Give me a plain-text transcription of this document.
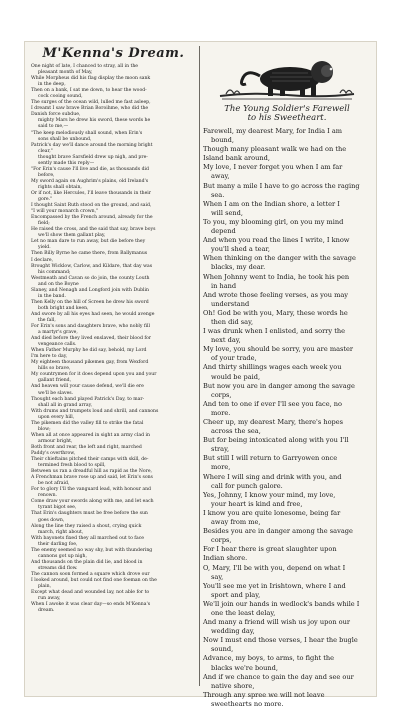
M'Kenna's Dream.
One night of late, I chanced to stray, all in the
pleasant month of May,
While Morpheus did his flag display the moon sank
in the deep,
Then on a bank, I sat me down, to hear the wood-
cock cooing sound,
The surges of the ocean wild, lulled me fast asleep,
I dreamt I saw brave Brian Boroihme, who did the
Danish force subdue,
mighty Mars he drew his sword, these words he
said to me,—
"The keep melodiously shall sound, when Erin's
sons shall be unbound,
Patrick's day we'll dance around the morning bright
clear,"
thought brave Sarsfield drew up nigh, and pre-
sently made this reply—
"For Erin's cause I'll live and die, as thousands did
before,
My sword again on Aughrim's plains, old Ireland's
rights shall obtain,
Or if not, like Hercules, I'll leave thousands in their
gore."
I thought Saint Ruth stood on the ground, and said,
"I will your monarch crown,"
Encompassed by the French around, already for the
field;
He raised the cross, and the said that say, brave boys
we'll show them gallant play,
Let no man dare to run away, but die before they
yield.
Then Billy Byrne he came there, from Ballymanus
I declare,
Brought Wicklow, Carlow, and Kildare, that day was
his command;
Westmeath and Cavan so do join, the county Louth
and on the Boyne
Slaney, and Nenagh and Longford join with Dublin
in the band.
Then Kelly on the hill of Screen he drew his sword
both bright and keen,
And swore by all his eyes had seen, he would avenge
the fall,
For Erin's sons and daughters brave, who nobly fill
a martyr's grave,
And died before they lived enslaved, their blood for
vengeance calls.
When Father Murphy he did say, behold, my Lord
I'm here to day,
My eighteen thousand pikemen gay, from Wexford
hills so brave,
My countrymen for it does depend upon you and your
gallant friend,
And heaven will your cause defend, we'll die ere
we'll be slaves.
Thought each band played Patrick's Day, to mar-
shall all in grand array,
With drums and trumpets loud and shrill, and cannons
upon every hill,
The pikemen did the valley fill to strike the fatal
blow;
When all at once appeared in sight an army clad in
armour bright,
Both front and rear, the left and right, marched
Paddy's overthrow,
Their chieftains pitched their camps with skill, de-
termined fresh blood to spill,
Between us ran a dreadful hill as rapid as the Nore,
A Frenchman brave rose up and said, let Erin's sons
be not afraid,
For to glory I'll the vanguard lead, with honour and
renown.
Come draw your swords along with me, and let each
tyrant bigot see,
That Erin's daughters must be free before the sun
goes down,
Along the line they raised a shout, crying quick
march, right about,
With bayonets fixed they all marched out to face
their darling foe,
The enemy seemed no way shy, but with thundering
cannons got up nigh,
And thousands on the plain did lie, and blood in
streams did flow.
The cannon soon formed a square which drove our
I looked around, but could not find one foeman on the
plain,
Except what dead and wounded lay, not able for to
run away,
When I awoke it was clear day—so ends M'Kenna's
dream.
The Young Soldier's Farewell
to his Sweetheart.
Farewell, my dearest Mary, for India I am
bound,
Though many pleasant walk we had on the
Island bank around,
My love, I never forget you when I am far
away,
But many a mile I have to go across the raging
sea.
When I am on the Indian shore, a letter I
will send,
To you, my blooming girl, on you my mind
depend
And when you read the lines I write, I know
you'll shed a tear,
When thinking on the danger with the savage
blacks, my dear.
When Johnny went to India, he took his pen
in hand
And wrote those feeling verses, as you may
understand
Oh! God be with you, Mary, these words he
then did say,
I was drunk when I enlisted, and sorry the
next day,
My love, you should be sorry, you are master
of your trade,
And thirty shillings wages each week you
would be paid,
But now you are in danger among the savage
corps,
And ten to one if ever I'll see you face, no
more.
Cheer up, my dearest Mary, there's hopes
across the sea,
But for being intoxicated along with you I'll
stray,
But still I will return to Garryowen once
more,
Where I will sing and drink with you, and
call for punch galore.
Yes, Johnny, I know your mind, my love,
your heart is kind and free,
I know you are quite lonesome, being far
away from me,
Besides you are in danger among the savage
corps,
For I hear there is great slaughter upon
Indian shore.
O, Mary, I'll be with you, depend on what I
say,
You'll see me yet in Irishtown, where I and
sport and play,
We'll join our hands in wedlock's bands while I
one the least delay,
And many a friend will wish us joy upon our
wedding day,
Now I must end those verses, I hear the bugle
sound,
Advance, my boys, to arms, to fight the
blacks we're bound,
And if we chance to gain the day and see our
native shore,
Through any spree we will not leave
sweethearts no more.
